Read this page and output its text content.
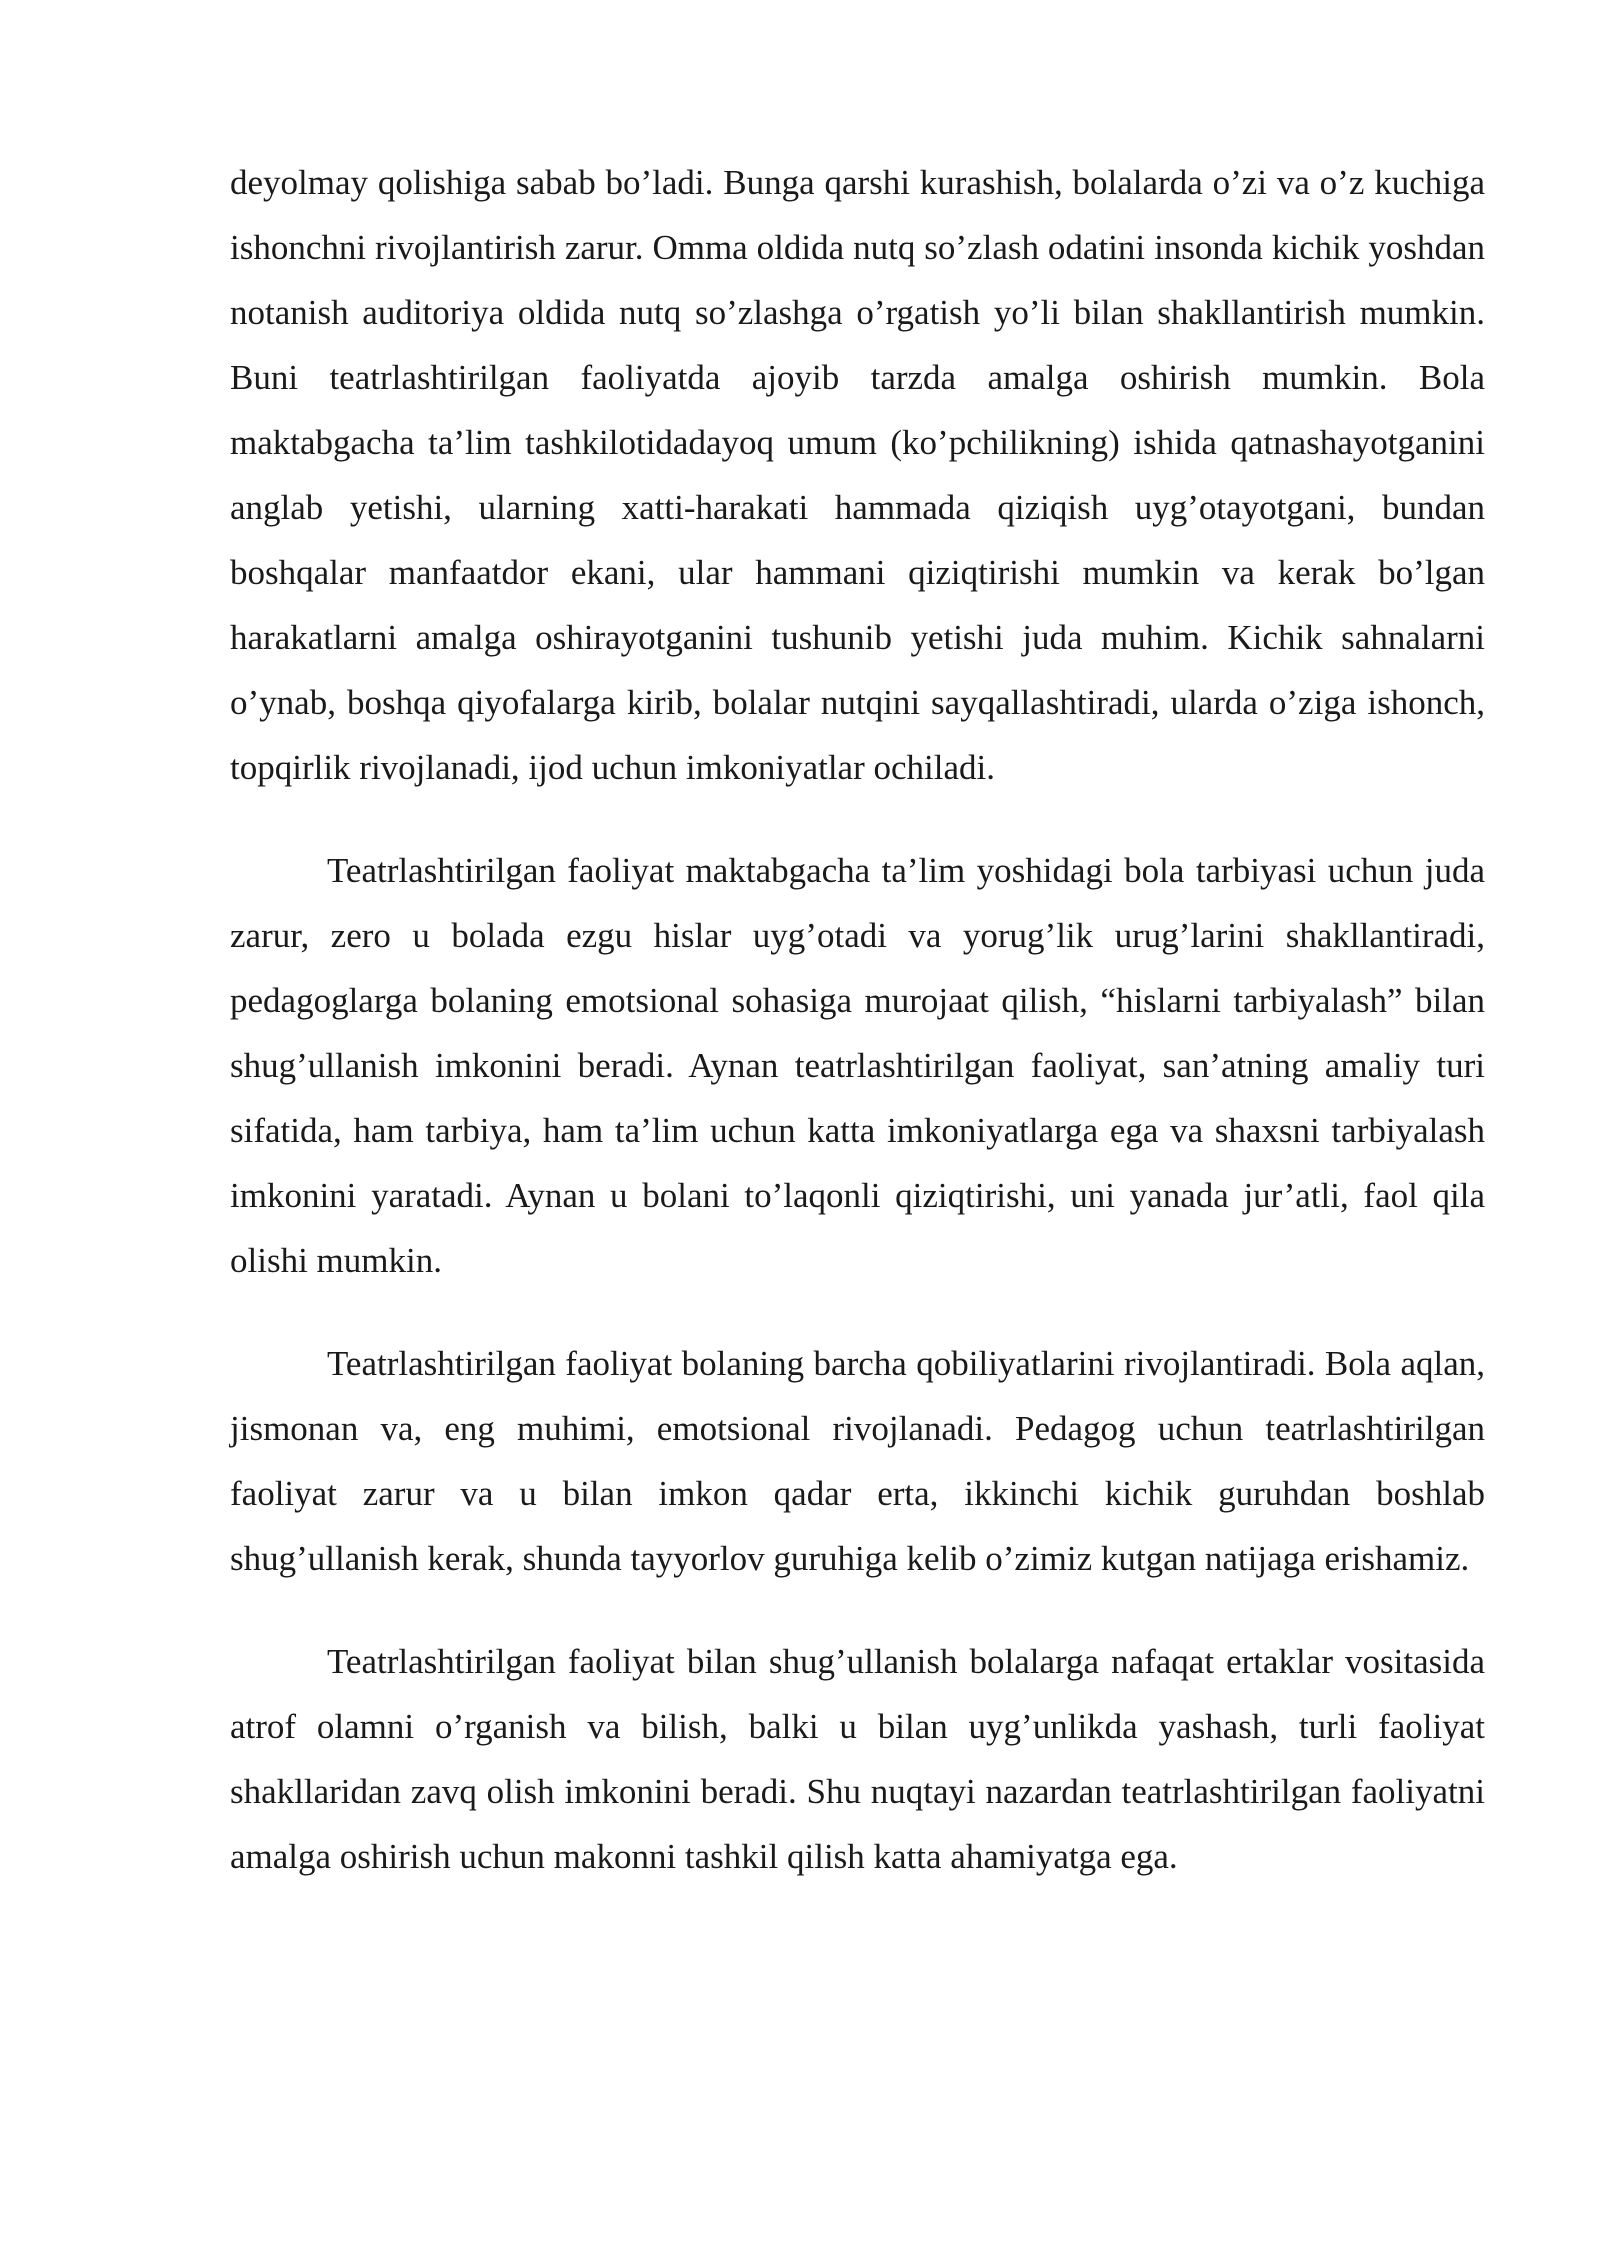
deyolmay qolishiga sabab bo’ladi. Bunga qarshi kurashish, bolalarda o’zi va o’z kuchiga ishonchni rivojlantirish zarur. Omma oldida nutq so’zlash odatini insonda kichik yoshdan notanish auditoriya oldida nutq so’zlashga o’rgatish yo’li bilan shakllantirish mumkin. Buni teatrlashtirilgan faoliyatda ajoyib tarzda amalga oshirish mumkin. Bola maktabgacha ta’lim tashkilotidadayoq umum (ko’pchilikning) ishida qatnashayotganini anglab yetishi, ularning xatti-harakati hammada qiziqish uyg’otayotgani, bundan boshqalar manfaatdor ekani, ular hammani qiziqtirishi mumkin va kerak bo’lgan harakatlarni amalga oshirayotganini tushunib yetishi juda muhim. Kichik sahnalarni o’ynab, boshqa qiyofalarga kirib, bolalar nutqini sayqallashtiradi, ularda o’ziga ishonch, topqirlik rivojlanadi, ijod uchun imkoniyatlar ochiladi.

Teatrlashtirilgan faoliyat maktabgacha ta’lim yoshidagi bola tarbiyasi uchun juda zarur, zero u bolada ezgu hislar uyg’otadi va yorug’lik urug’larini shakllantiradi, pedagoglarga bolaning emotsional sohasiga murojaat qilish, “hislarni tarbiyalash” bilan shug’ullanish imkonini beradi. Aynan teatrlashtirilgan faoliyat, san’atning amaliy turi sifatida, ham tarbiya, ham ta’lim uchun katta imkoniyatlarga ega va shaxsni tarbiyalash imkonini yaratadi. Aynan u bolani to’laqonli qiziqtirishi, uni yanada jur’atli, faol qila olishi mumkin.

Teatrlashtirilgan faoliyat bolaning barcha qobiliyatlarini rivojlantiradi. Bola aqlan, jismonan va, eng muhimi, emotsional rivojlanadi. Pedagog uchun teatrlashtirilgan faoliyat zarur va u bilan imkon qadar erta, ikkinchi kichik guruhdan boshlab shug’ullanish kerak, shunda tayyorlov guruhiga kelib o’zimiz kutgan natijaga erishamiz.

Teatrlashtirilgan faoliyat bilan shug’ullanish bolalarga nafaqat ertaklar vositasida atrof olamni o’rganish va bilish, balki u bilan uyg’unlikda yashash, turli faoliyat shakllaridan zavq olish imkonini beradi. Shu nuqtayi nazardan teatrlashtirilgan faoliyatni amalga oshirish uchun makonni tashkil qilish katta ahamiyatga ega.
